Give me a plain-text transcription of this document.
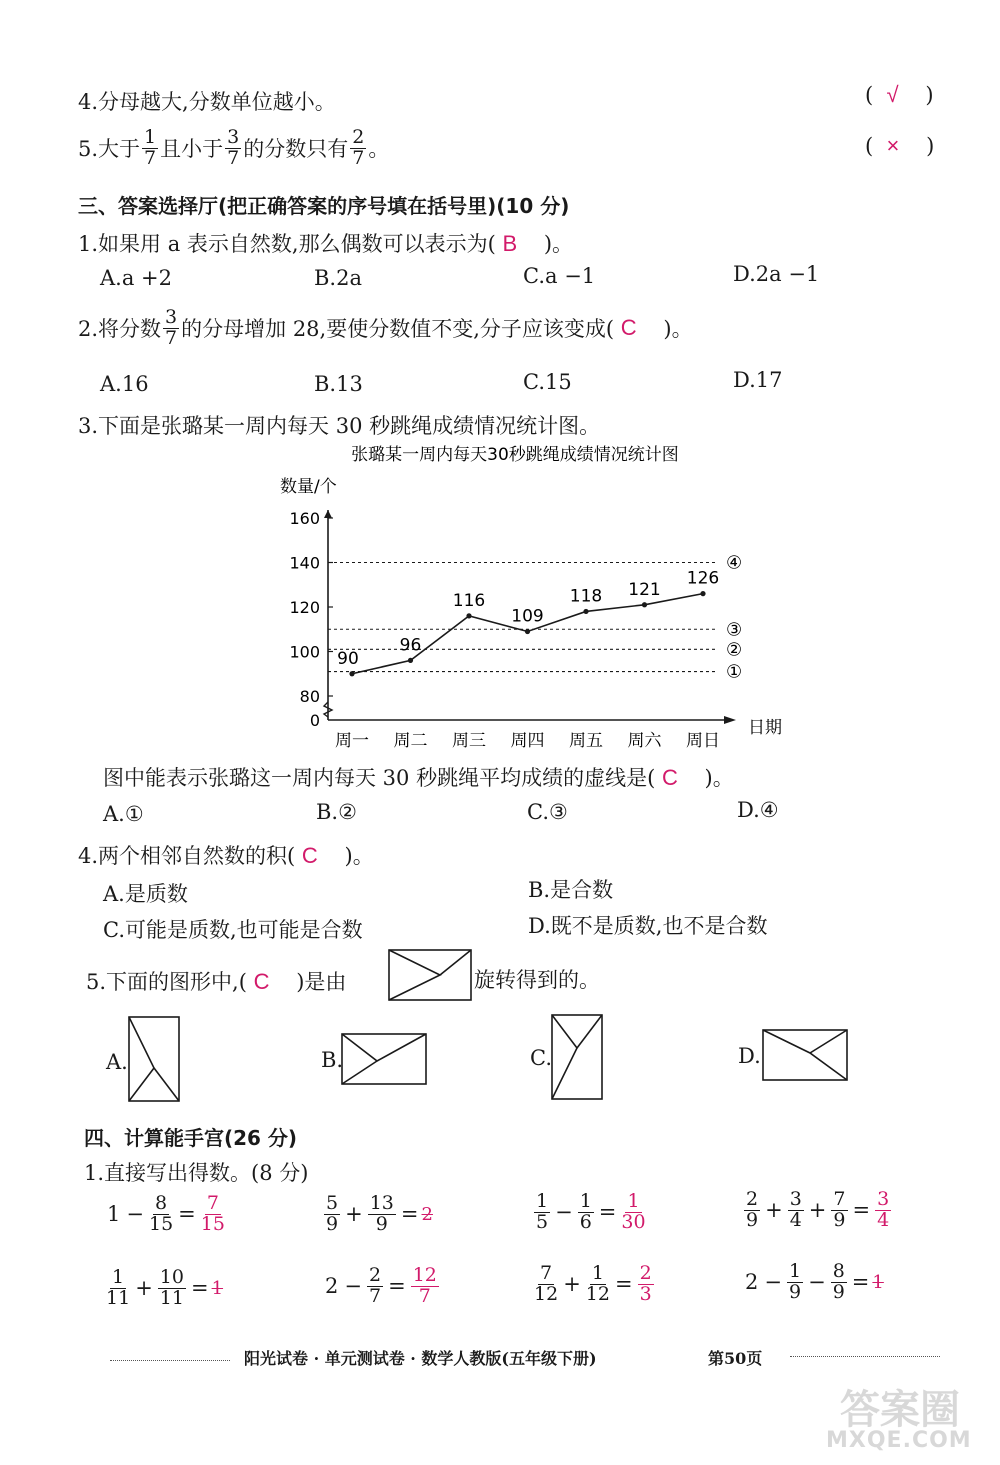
4.分母越大,分数单位越小。	(  √    )
5.大于 $\frac{1}{7}$ 且小于 $\frac{3}{7}$ 的分数只有 $\frac{2}{7}$ 。	(  ×    )
三、答案选择厅(把正确答案的序号填在括号里)(10 分)
1.如果用 a 表示自然数,那么偶数可以表示为( B )。
A.a +2	B.2a	C.a −1	D.2a −1
2.将分数 $\frac{3}{7}$ 的分母增加 28,要使分数值不变,分子应该变成(
C
)。
A.16	B.13	C.15	D.17
3.下面是张璐某一周内每天 30 秒跳绳成绩情况统计图。
张璐某一周内每天30秒跳绳成绩情况统计图
数量/个
日期
160
140
120
100
80
0
④
③
②
①
周一 周二 周三 周四 周五 周六 周日
90
96
116
109
118 121
126
图中能表示张璐这一周内每天 30 秒跳绳平均成绩的虚线是( C )。
A.①	B.②	C.③	D.④
4.两个相邻自然数的积( C )。
A.是质数	B.是合数
C.可能是质数,也可能是合数	D.既不是质数,也不是合数
5.下面的图形中,( C )是由	旋转得到的。
A.	B.	C.	D.
四、计算能手宫(26 分)
1.直接写出得数。(8 分)
$1 - \frac{8}{15} = \frac{7}{15}$	$\frac{5}{9} + \frac{13}{9} = 2$	$\frac{1}{5} - \frac{1}{6} = \frac{1}{30}$	$\frac{2}{9} + \frac{3}{4} + \frac{7}{9} = \frac{3}{4}$
$\frac{1}{11} + \frac{10}{11} = 1$	$2 - \frac{2}{7} = \frac{12}{7}$	$\frac{7}{12} + \frac{1}{12} = \frac{2}{3}$	$2 - \frac{1}{9} - \frac{8}{9} = 1$
阳光试卷 · 单元测试卷 · 数学人教版(五年级下册)	第50页
答案圈
MXQE.COM
